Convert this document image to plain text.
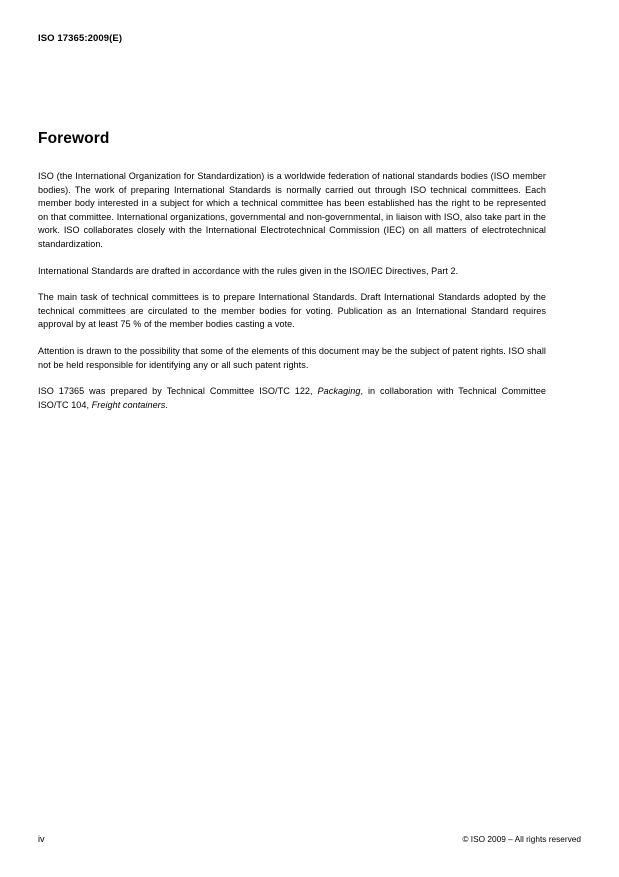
ISO 17365:2009(E)
Foreword

ISO (the International Organization for Standardization) is a worldwide federation of national standards bodies (ISO member bodies). The work of preparing International Standards is normally carried out through ISO technical committees. Each member body interested in a subject for which a technical committee has been established has the right to be represented on that committee. International organizations, governmental and non-governmental, in liaison with ISO, also take part in the work. ISO collaborates closely with the International Electrotechnical Commission (IEC) on all matters of electrotechnical standardization.

International Standards are drafted in accordance with the rules given in the ISO/IEC Directives, Part 2.

The main task of technical committees is to prepare International Standards. Draft International Standards adopted by the technical committees are circulated to the member bodies for voting. Publication as an International Standard requires approval by at least 75 % of the member bodies casting a vote.

Attention is drawn to the possibility that some of the elements of this document may be the subject of patent rights. ISO shall not be held responsible for identifying any or all such patent rights.

ISO 17365 was prepared by Technical Committee ISO/TC 122, Packaging, in collaboration with Technical Committee ISO/TC 104, Freight containers.

iv	© ISO 2009 – All rights reserved
